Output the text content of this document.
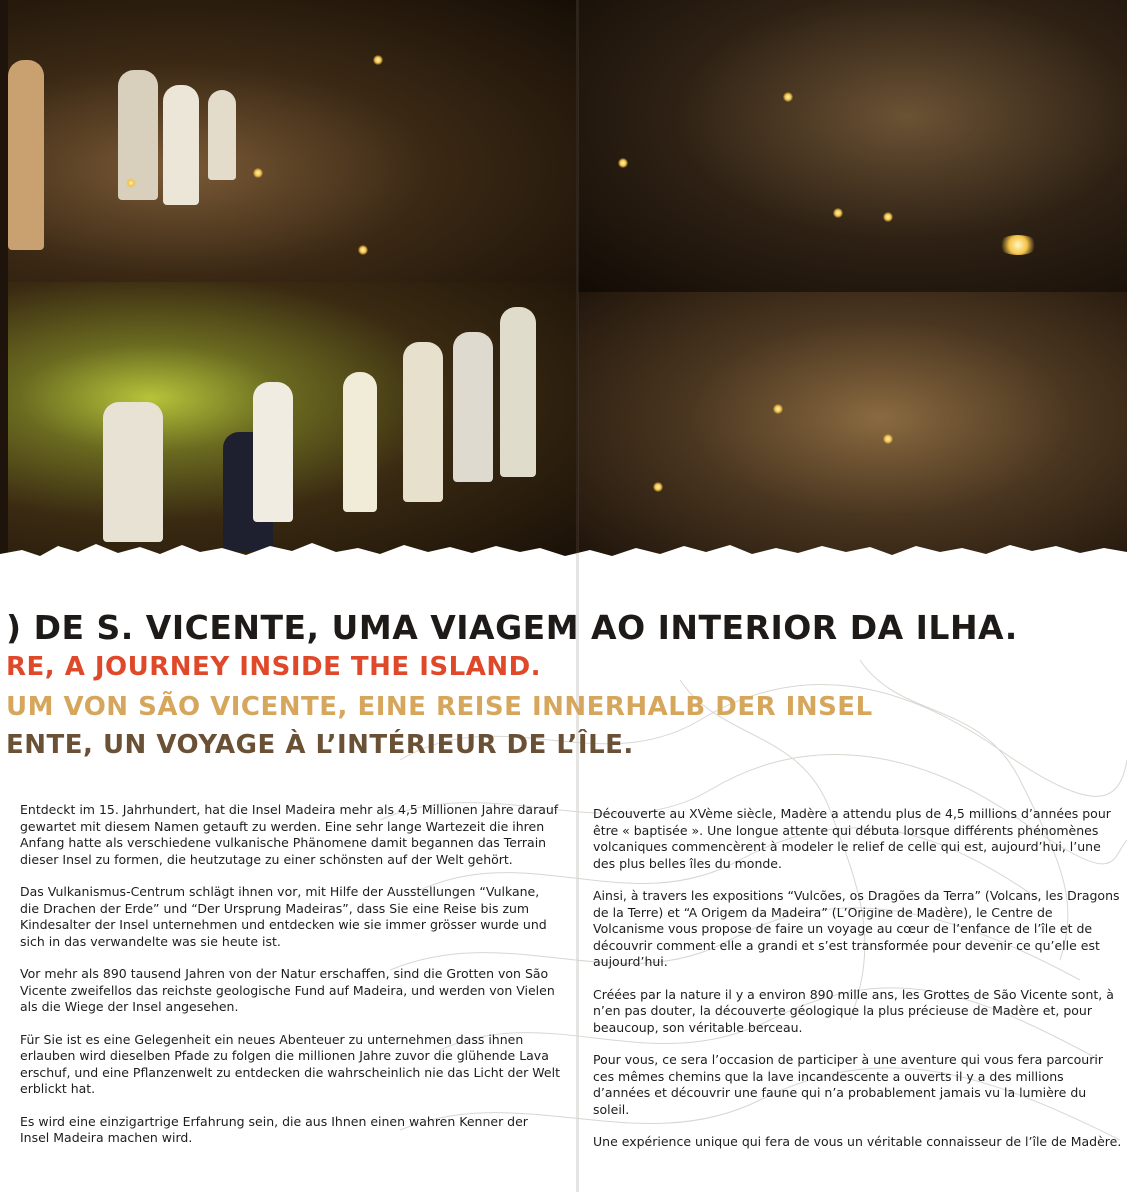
) DE S. VICENTE, UMA VIAGEM AO INTERIOR DA ILHA.
RE, A JOURNEY INSIDE THE ISLAND.
UM VON SÃO VICENTE, EINE REISE INNERHALB DER INSEL
ENTE, UN VOYAGE À L’INTÉRIEUR DE L’ÎLE.

Entdeckt im 15. Jahrhundert, hat die Insel Madeira mehr als 4,5 Millionen Jahre darauf gewartet mit diesem Namen getauft zu werden. Eine sehr lange Wartezeit die ihren Anfang hatte als verschiedene vulkanische Phänomene damit begannen das Terrain dieser Insel zu formen, die heutzutage zu einer schönsten auf der Welt gehört.

Das Vulkanismus-Centrum schlägt ihnen vor, mit Hilfe der Ausstellungen “Vulkane, die Drachen der Erde” und “Der Ursprung Madeiras”, dass Sie eine Reise bis zum Kindesalter der Insel unternehmen und entdecken wie sie immer grösser wurde und sich in das verwandelte was sie heute ist.

Vor mehr als 890 tausend Jahren von der Natur erschaffen, sind die Grotten von São Vicente zweifellos das reichste geologische Fund auf Madeira, und werden von Vielen als die Wiege der Insel angesehen.

Für Sie ist es eine Gelegenheit ein neues Abenteuer zu unternehmen dass ihnen erlauben wird dieselben Pfade zu folgen die millionen Jahre zuvor die glühende Lava erschuf, und eine Pflanzenwelt zu entdecken die wahrscheinlich nie das Licht der Welt erblickt hat.

Es wird eine einzigartrige Erfahrung sein, die aus Ihnen einen wahren Kenner der Insel Madeira machen wird.

Découverte au XVème siècle, Madère a attendu plus de 4,5 millions d’années pour être « baptisée ». Une longue attente qui débuta lorsque différents phénomènes volcaniques commencèrent à modeler le relief de celle qui est, aujourd’hui, l’une des plus belles îles du monde.

Ainsi, à travers les expositions “Vulcões, os Dragões da Terra” (Volcans, les Dragons de la Terre) et “A Origem da Madeira” (L’Origine de Madère), le Centre de Volcanisme vous propose de faire un voyage au cœur de l’enfance de l’île et de découvrir comment elle a grandi et s’est transformée pour devenir ce qu’elle est aujourd’hui.

Créées par la nature il y a environ 890 mille ans, les Grottes de São Vicente sont, à n’en pas douter, la découverte géologique la plus précieuse de Madère et, pour beaucoup, son véritable berceau.

Pour vous, ce sera l’occasion de participer à une aventure qui vous fera parcourir ces mêmes chemins que la lave incandescente a ouverts il y a des millions d’années et découvrir une faune qui n’a probablement jamais vu la lumière du soleil.

Une expérience unique qui fera de vous un véritable connaisseur de l’île de Madère.
